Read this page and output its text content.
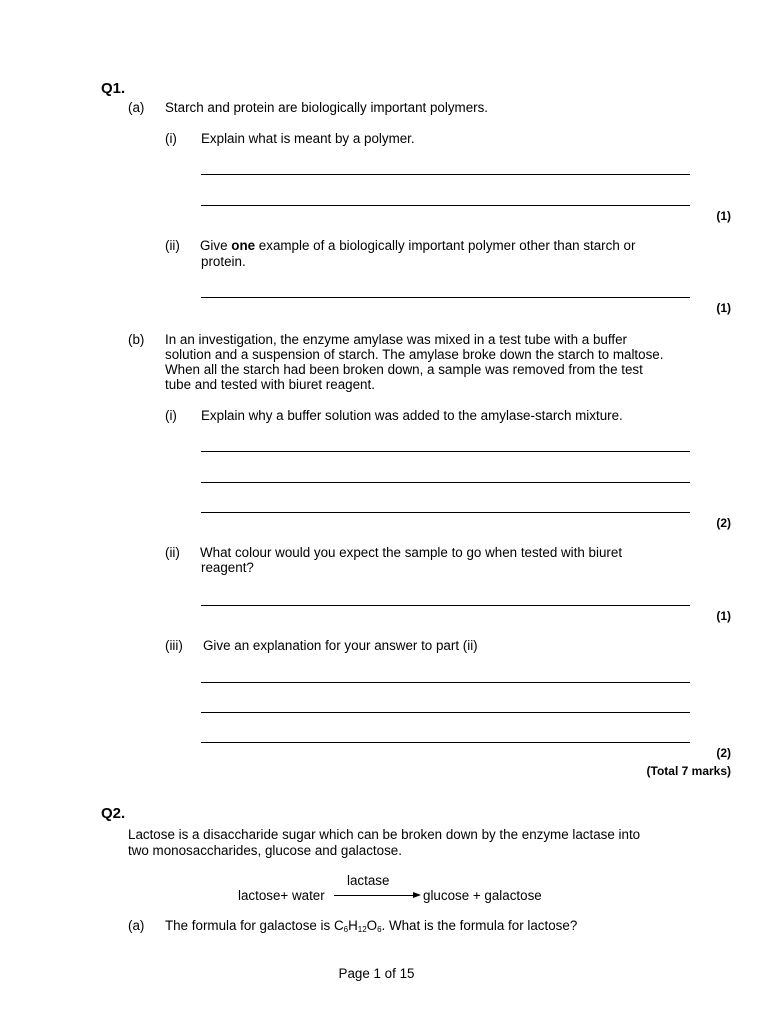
Q1.
(a) Starch and protein are biologically important polymers.
(i) Explain what is meant by a polymer.
(1)
(ii) Give one example of a biologically important polymer other than starch or
protein.
(1)
(b) In an investigation, the enzyme amylase was mixed in a test tube with a buffer
solution and a suspension of starch. The amylase broke down the starch to maltose.
When all the starch had been broken down, a sample was removed from the test
tube and tested with biuret reagent.
(i) Explain why a buffer solution was added to the amylase-starch mixture.
(2)
(ii) What colour would you expect the sample to go when tested with biuret
reagent?
(1)
(iii) Give an explanation for your answer to part (ii)
(2)
(Total 7 marks)
Q2.
Lactose is a disaccharide sugar which can be broken down by the enzyme lactase into
two monosaccharides, glucose and galactose.
lactase
lactose+ water	glucose + galactose
(a) The formula for galactose is $C_6H_{12}O_6$. What is the formula for lactose?
Page 1 of 15
